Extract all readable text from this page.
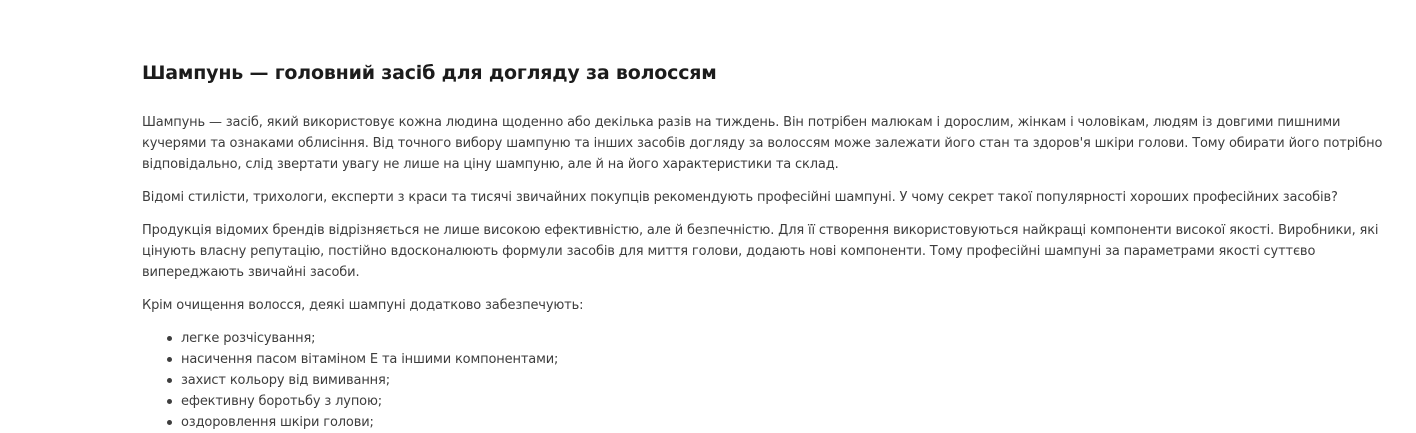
Шампунь — головний засіб для догляду за волоссям

Шампунь — засіб, який використовує кожна людина щоденно або декілька разів на тиждень. Він потрібен малюкам і дорослим, жінкам і чоловікам, людям із довгими пишними кучерями та ознаками облисіння. Від точного вибору шампуню та інших засобів догляду за волоссям може залежати його стан та здоров'я шкіри голови. Тому обирати його потрібно відповідально, слід звертати увагу не лише на ціну шампуню, але й на його характеристики та склад.

Відомі стилісти, трихологи, експерти з краси та тисячі звичайних покупців рекомендують професійні шампуні. У чому секрет такої популярності хороших професійних засобів?

Продукція відомих брендів відрізняється не лише високою ефективністю, але й безпечністю. Для її створення використовуються найкращі компоненти високої якості. Виробники, які цінують власну репутацію, постійно вдосконалюють формули засобів для миття голови, додають нові компоненти. Тому професійні шампуні за параметрами якості суттєво випереджають звичайні засоби.

Крім очищення волосся, деякі шампуні додатково забезпечують:

легке розчісування;
насичення пасом вітаміном Е та іншими компонентами;
захист кольору від вимивання;
ефективну боротьбу з лупою;
оздоровлення шкіри голови;
